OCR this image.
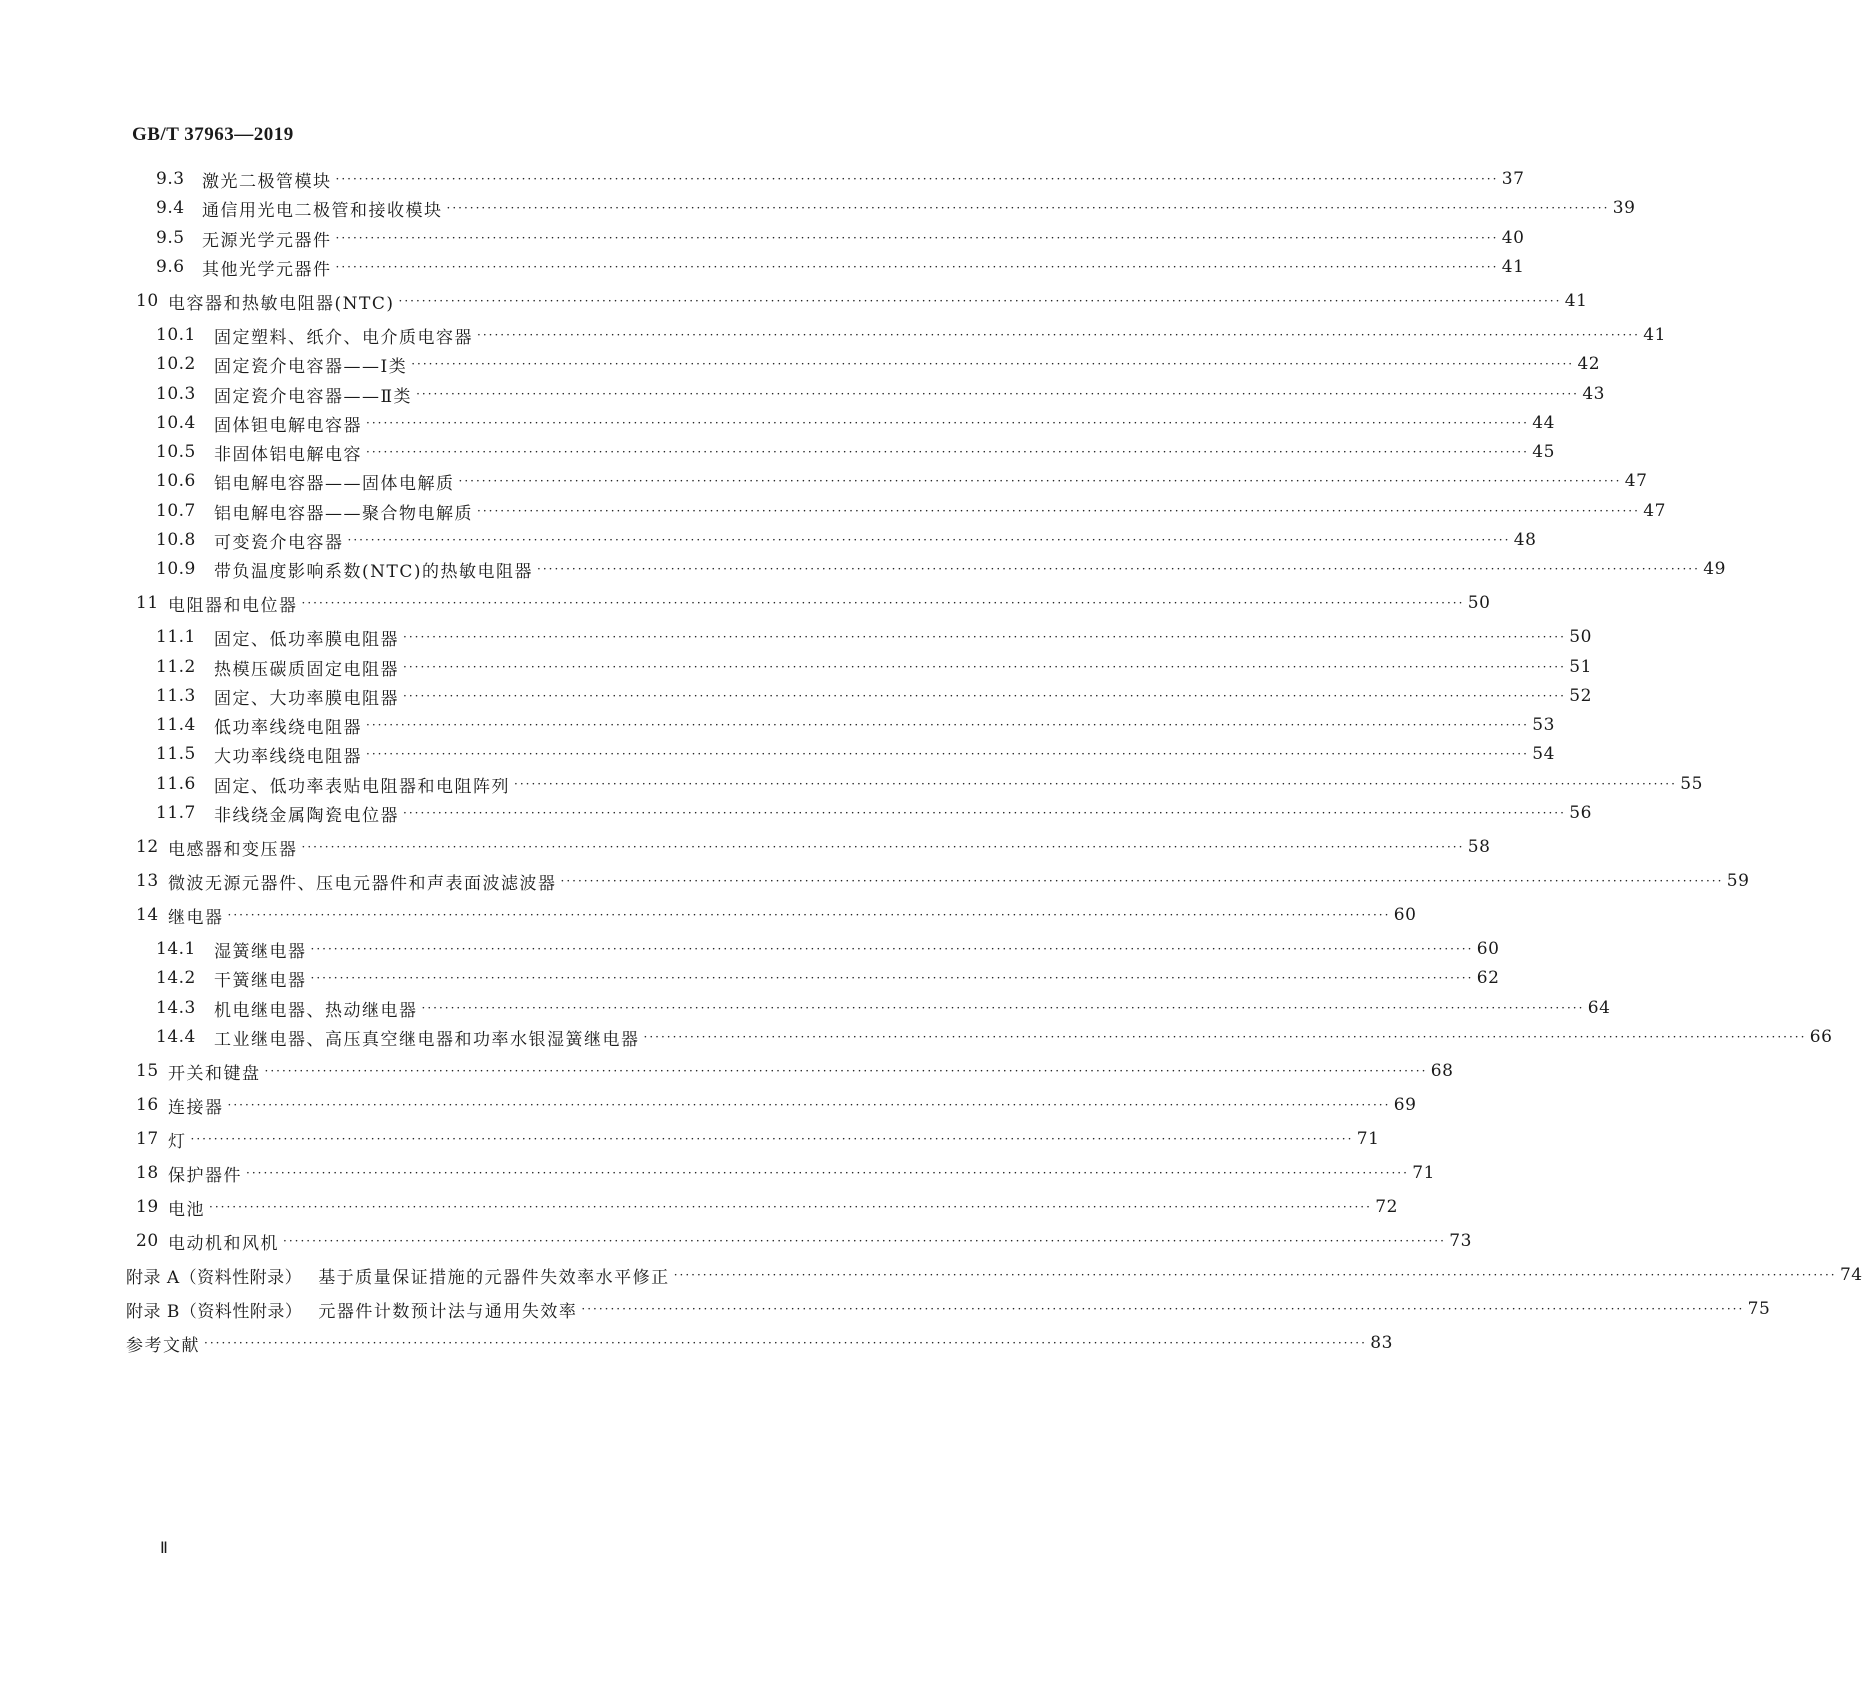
GB/T 37963—2019
9.3	激光二极管模块 ········································································································································································································ 37
9.4	通信用光电二极管和接收模块 ········································································································································································································ 39
9.5	无源光学元器件 ········································································································································································································ 40
9.6	其他光学元器件 ········································································································································································································ 41
10 电容器和热敏电阻器(NTC) ········································································································································································································ 41
10.1	固定塑料、纸介、电介质电容器 ········································································································································································································ 41
10.2	固定瓷介电容器——Ⅰ类 ········································································································································································································ 42
10.3	固定瓷介电容器——Ⅱ类 ········································································································································································································ 43
10.4	固体钽电解电容器 ········································································································································································································ 44
10.5	非固体铝电解电容 ········································································································································································································ 45
10.6	铝电解电容器——固体电解质 ········································································································································································································ 47
10.7	铝电解电容器——聚合物电解质 ········································································································································································································ 47
10.8	可变瓷介电容器 ········································································································································································································ 48
10.9	带负温度影响系数(NTC)的热敏电阻器 ········································································································································································································ 49
11 电阻器和电位器 ········································································································································································································ 50
11.1	固定、低功率膜电阻器 ········································································································································································································ 50
11.2	热模压碳质固定电阻器 ········································································································································································································ 51
11.3	固定、大功率膜电阻器 ········································································································································································································ 52
11.4	低功率线绕电阻器 ········································································································································································································ 53
11.5	大功率线绕电阻器 ········································································································································································································ 54
11.6	固定、低功率表贴电阻器和电阻阵列 ········································································································································································································ 55
11.7	非线绕金属陶瓷电位器 ········································································································································································································ 56
12 电感器和变压器 ········································································································································································································ 58
13 微波无源元器件、压电元器件和声表面波滤波器 ········································································································································································································ 59
14 继电器 ········································································································································································································ 60
14.1	湿簧继电器 ········································································································································································································ 60
14.2	干簧继电器 ········································································································································································································ 62
14.3	机电继电器、热动继电器 ········································································································································································································ 64
14.4	工业继电器、高压真空继电器和功率水银湿簧继电器 ········································································································································································································ 66
15 开关和键盘 ········································································································································································································ 68
16 连接器 ········································································································································································································ 69
17 灯 ········································································································································································································ 71
18 保护器件 ········································································································································································································ 71
19 电池 ········································································································································································································ 72
20 电动机和风机 ········································································································································································································ 73
附录 A（资料性附录） 基于质量保证措施的元器件失效率水平修正 ········································································································································································································ 74
附录 B（资料性附录） 元器件计数预计法与通用失效率 ········································································································································································································ 75
参考文献 ········································································································································································································ 83
Ⅱ
